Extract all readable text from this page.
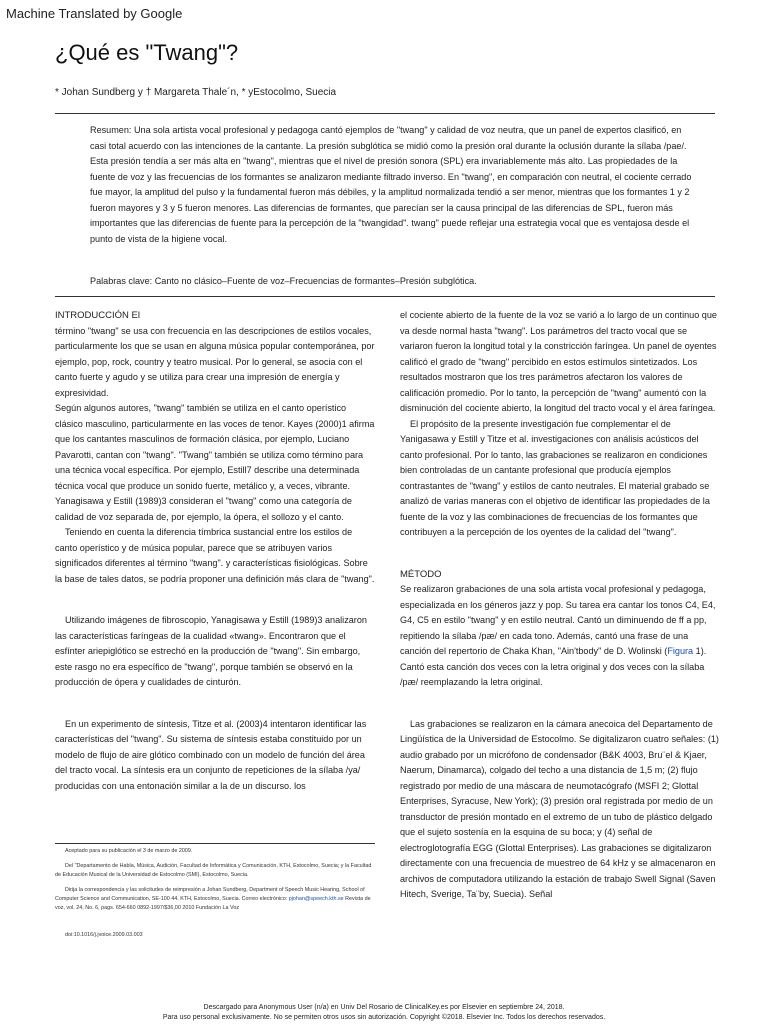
Machine Translated by Google
¿Qué es "Twang"?
* Johan Sundberg y † Margareta Thale´n, * yEstocolmo, Suecia
Resumen: Una sola artista vocal profesional y pedagoga cantó ejemplos de "twang" y calidad de voz neutra, que un panel de expertos clasificó, en casi total acuerdo con las intenciones de la cantante. La presión subglótica se midió como la presión oral durante la oclusión durante la sílaba /pae/. Esta presión tendía a ser más alta en "twang", mientras que el nivel de presión sonora (SPL) era invariablemente más alto. Las propiedades de la fuente de voz y las frecuencias de los formantes se analizaron mediante filtrado inverso. En "twang", en comparación con neutral, el cociente cerrado fue mayor, la amplitud del pulso y la fundamental fueron más débiles, y la amplitud normalizada tendió a ser menor, mientras que los formantes 1 y 2 fueron mayores y 3 y 5 fueron menores. Las diferencias de formantes, que parecían ser la causa principal de las diferencias de SPL, fueron más importantes que las diferencias de fuente para la percepción de la "twangidad". twang" puede reflejar una estrategia vocal que es ventajosa desde el punto de vista de la higiene vocal.
Palabras clave: Canto no clásico–Fuente de voz–Frecuencias de formantes–Presión subglótica.

INTRODUCCIÓN El

término "twang" se usa con frecuencia en las descripciones de estilos vocales, particularmente los que se usan en alguna música popular contemporánea, por ejemplo, pop, rock, country y teatro musical. Por lo general, se asocia con el canto fuerte y agudo y se utiliza para crear una impresión de energía y expresividad.

Según algunos autores, "twang" también se utiliza en el canto operístico clásico masculino, particularmente en las voces de tenor. Kayes (2000)1 afirma que los cantantes masculinos de formación clásica, por ejemplo, Luciano Pavarotti, cantan con "twang". "Twang" también se utiliza como término para una técnica vocal específica. Por ejemplo, Estill7 describe una determinada técnica vocal que produce un sonido fuerte, metálico y, a veces, vibrante. Yanagisawa y Estill (1989)3 consideran el "twang" como una categoría de calidad de voz separada de, por ejemplo, la ópera, el sollozo y el canto.

Teniendo en cuenta la diferencia tímbrica sustancial entre los estilos de canto operístico y de música popular, parece que se atribuyen varios significados diferentes al término "twang". y características fisiológicas. Sobre la base de tales datos, se podría proponer una definición más clara de "twang".

Utilizando imágenes de fibroscopio, Yanagisawa y Estill (1989)3 analizaron las características faríngeas de la cualidad «twang». Encontraron que el esfínter ariepiglótico se estrechó en la producción de "twang". Sin embargo, este rasgo no era específico de "twang", porque también se observó en la producción de ópera y cualidades de cinturón.

En un experimento de síntesis, Titze et al. (2003)4 intentaron identificar las características del "twang". Su sistema de síntesis estaba constituido por un modelo de flujo de aire glótico combinado con un modelo de función del área del tracto vocal. La síntesis era un conjunto de repeticiones de la sílaba /ya/ producidas con una entonación similar a la de un discurso. los

el cociente abierto de la fuente de la voz se varió a lo largo de un continuo que va desde normal hasta "twang". Los parámetros del tracto vocal que se variaron fueron la longitud total y la constricción faríngea. Un panel de oyentes calificó el grado de "twang" percibido en estos estímulos sintetizados. Los resultados mostraron que los tres parámetros afectaron los valores de calificación promedio. Por lo tanto, la percepción de "twang" aumentó con la disminución del cociente abierto, la longitud del tracto vocal y el área faríngea.

El propósito de la presente investigación fue complementar el de Yanigasawa y Estill y Titze et al. investigaciones con análisis acústicos del canto profesional. Por lo tanto, las grabaciones se realizaron en condiciones bien controladas de un cantante profesional que producía ejemplos contrastantes de "twang" y estilos de canto neutrales. El material grabado se analizó de varias maneras con el objetivo de identificar las propiedades de la fuente de la voz y las combinaciones de frecuencias de los formantes que contribuyen a la percepción de los oyentes de la calidad del "twang".

MÉTODO

Se realizaron grabaciones de una sola artista vocal profesional y pedagoga, especializada en los géneros jazz y pop. Su tarea era cantar los tonos C4, E4, G4, C5 en estilo "twang" y en estilo neutral. Cantó un diminuendo de ff a pp, repitiendo la sílaba /pæ/ en cada tono. Además, cantó una frase de una canción del repertorio de Chaka Khan, "Ain'tbody" de D. Wolinski (Figura 1). Cantó esta canción dos veces con la letra original y dos veces con la sílaba /pæ/ reemplazando la letra original.

Las grabaciones se realizaron en la cámara anecoica del Departamento de Lingüística de la Universidad de Estocolmo. Se digitalizaron cuatro señales: (1) audio grabado por un micrófono de condensador (B&K 4003, Bru¨el & Kjaer, Naerum, Dinamarca), colgado del techo a una distancia de 1,5 m; (2) flujo registrado por medio de una máscara de neumotacógrafo (MSFI 2; Glottal Enterprises, Syracuse, New York); (3) presión oral registrada por medio de un transductor de presión montado en el extremo de un tubo de plástico delgado que el sujeto sostenía en la esquina de su boca; y (4) señal de electroglotografía EGG (Glottal Enterprises). Las grabaciones se digitalizaron directamente con una frecuencia de muestreo de 64 kHz y se almacenaron en archivos de computadora utilizando la estación de trabajo Swell Signal (Saven Hitech, Sverige, Ta¨by, Suecia). Señal

Aceptado para su publicación el 3 de marzo de 2009.

Del "Departamento de Habla, Música, Audición, Facultad de Informática y Comunicación, KTH, Estocolmo, Suecia; y la Facultad de Educación Musical de la Universidad de Estocolmo (SMI), Estocolmo, Suecia.

Dirija la correspondencia y las solicitudes de reimpresión a Johan Sundberg, Department of Speech Music Hearing, School of Computer Science and Communication, SE-100 44. KTH, Estocolmo, Suecia. Correo electrónico: pjohan@speech.kth.se Revista de voz, vol. 24, No. 6, pags. 654-660 0892-1997/$36,00 2010 Fundación La Voz

doi:10.1016/j.jvoice.2009.03.003

Descargado para Anonymous User (n/a) en Univ Del Rosario de ClinicalKey.es por Elsevier en septiembre 24, 2018.
Para uso personal exclusivamente. No se permiten otros usos sin autorización. Copyright ©2018. Elsevier Inc. Todos los derechos reservados.
